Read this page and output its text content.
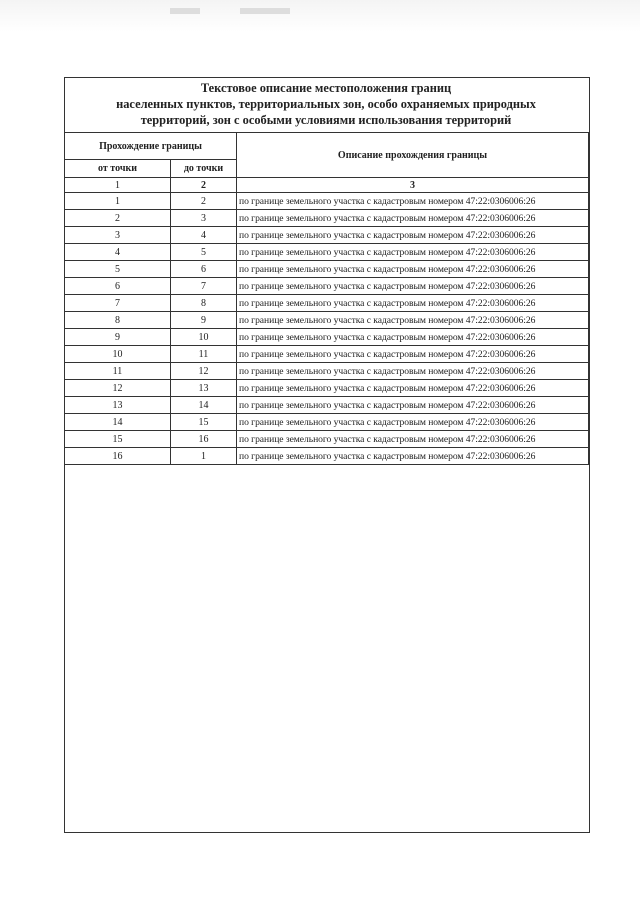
Текстовое описание местоположения границ
населенных пунктов, территориальных зон, особо охраняемых природных
территорий, зон с особыми условиями использования территорий
Прохождение границы		Описание прохождения границы
от точки	до точки	
1	2	3
1	2	по границе земельного участка с кадастровым номером 47:22:0306006:26
2	3	по границе земельного участка с кадастровым номером 47:22:0306006:26
3	4	по границе земельного участка с кадастровым номером 47:22:0306006:26
4	5	по границе земельного участка с кадастровым номером 47:22:0306006:26
5	6	по границе земельного участка с кадастровым номером 47:22:0306006:26
6	7	по границе земельного участка с кадастровым номером 47:22:0306006:26
7	8	по границе земельного участка с кадастровым номером 47:22:0306006:26
8	9	по границе земельного участка с кадастровым номером 47:22:0306006:26
9	10	по границе земельного участка с кадастровым номером 47:22:0306006:26
10	11	по границе земельного участка с кадастровым номером 47:22:0306006:26
11	12	по границе земельного участка с кадастровым номером 47:22:0306006:26
12	13	по границе земельного участка с кадастровым номером 47:22:0306006:26
13	14	по границе земельного участка с кадастровым номером 47:22:0306006:26
14	15	по границе земельного участка с кадастровым номером 47:22:0306006:26
15	16	по границе земельного участка с кадастровым номером 47:22:0306006:26
16	1	по границе земельного участка с кадастровым номером 47:22:0306006:26
